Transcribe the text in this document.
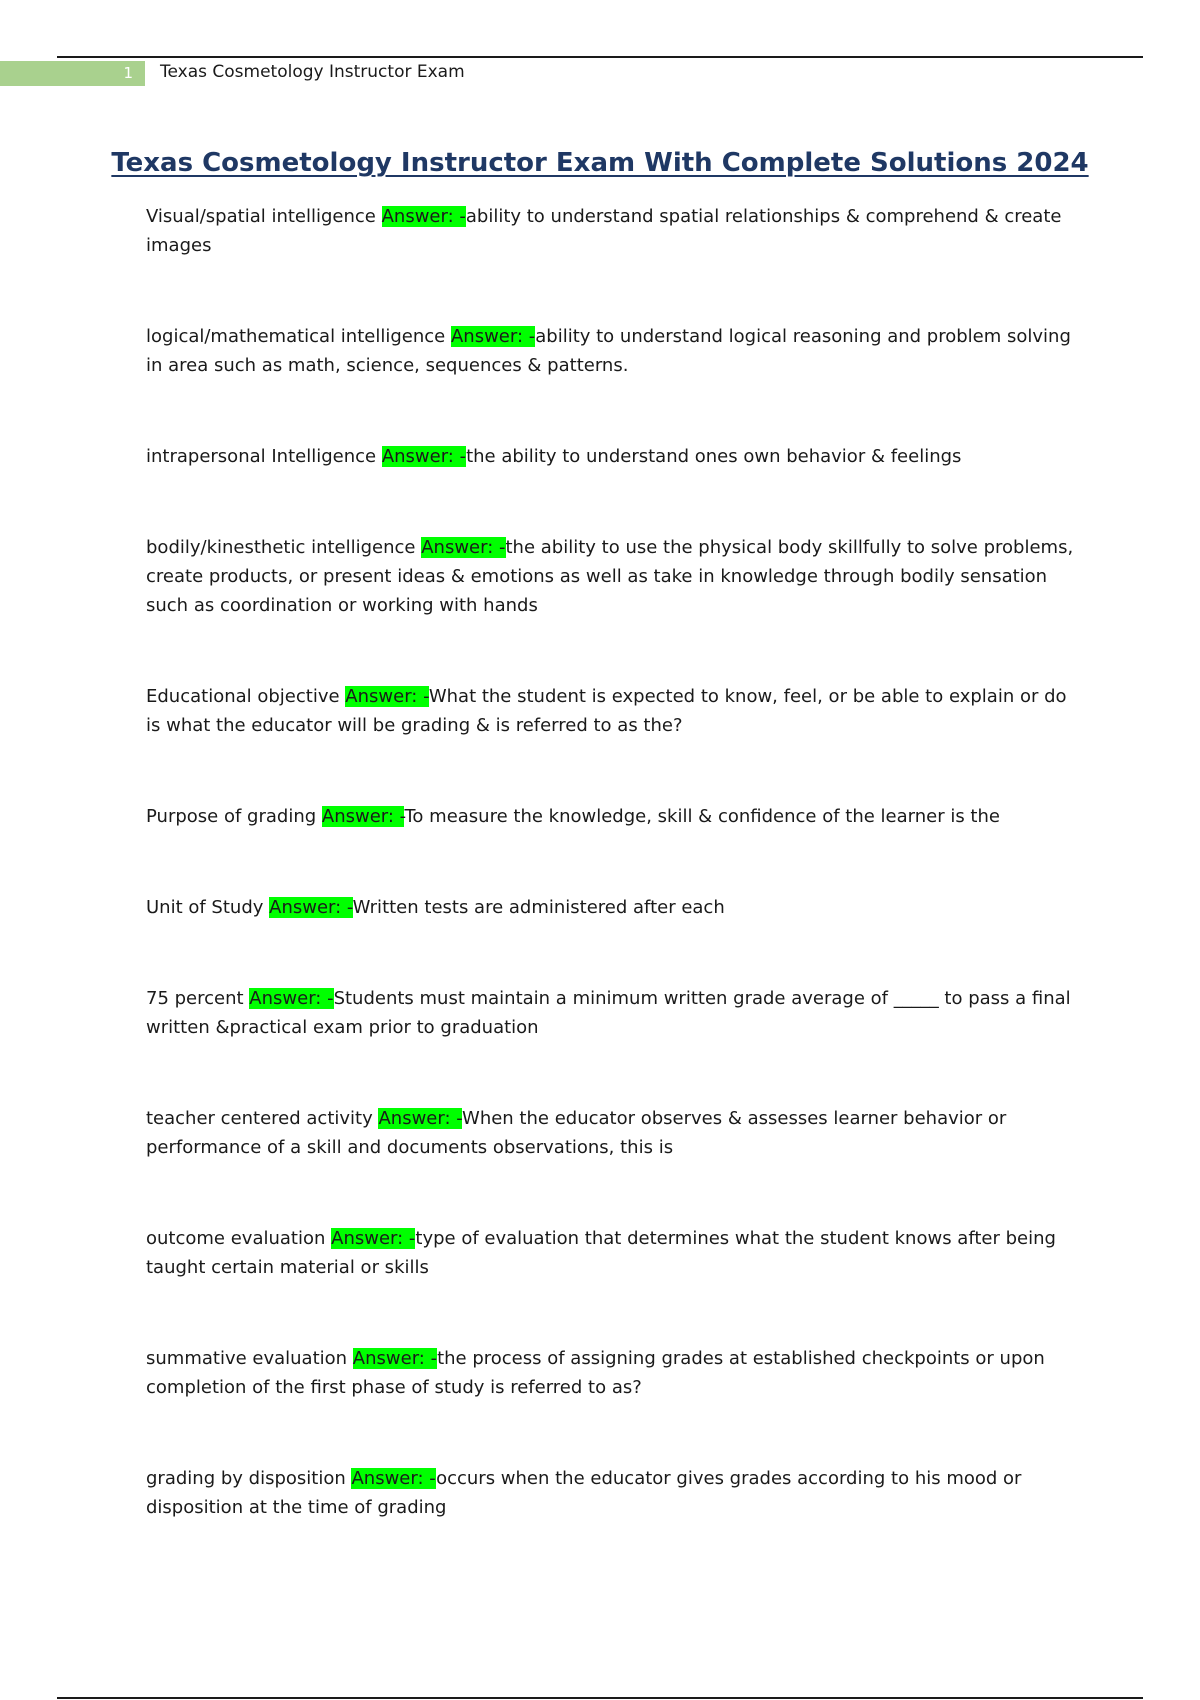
1 Texas Cosmetology Instructor Exam
Texas Cosmetology Instructor Exam With Complete Solutions 2024

Visual/spatial intelligence Answer: -ability to understand spatial relationships & comprehend & create images

logical/mathematical intelligence Answer: -ability to understand logical reasoning and problem solving in area such as math, science, sequences & patterns.

intrapersonal Intelligence Answer: -the ability to understand ones own behavior & feelings

bodily/kinesthetic intelligence Answer: -the ability to use the physical body skillfully to solve problems, create products, or present ideas & emotions as well as take in knowledge through bodily sensation such as coordination or working with hands

Educational objective Answer: -What the student is expected to know, feel, or be able to explain or do is what the educator will be grading & is referred to as the?

Purpose of grading Answer: -To measure the knowledge, skill & confidence of the learner is the

Unit of Study Answer: -Written tests are administered after each

75 percent Answer: -Students must maintain a minimum written grade average of _____ to pass a final written &practical exam prior to graduation

teacher centered activity Answer: -When the educator observes & assesses learner behavior or performance of a skill and documents observations, this is

outcome evaluation Answer: -type of evaluation that determines what the student knows after being taught certain material or skills

summative evaluation Answer: -the process of assigning grades at established checkpoints or upon completion of the first phase of study is referred to as?

grading by disposition Answer: -occurs when the educator gives grades according to his mood or disposition at the time of grading
